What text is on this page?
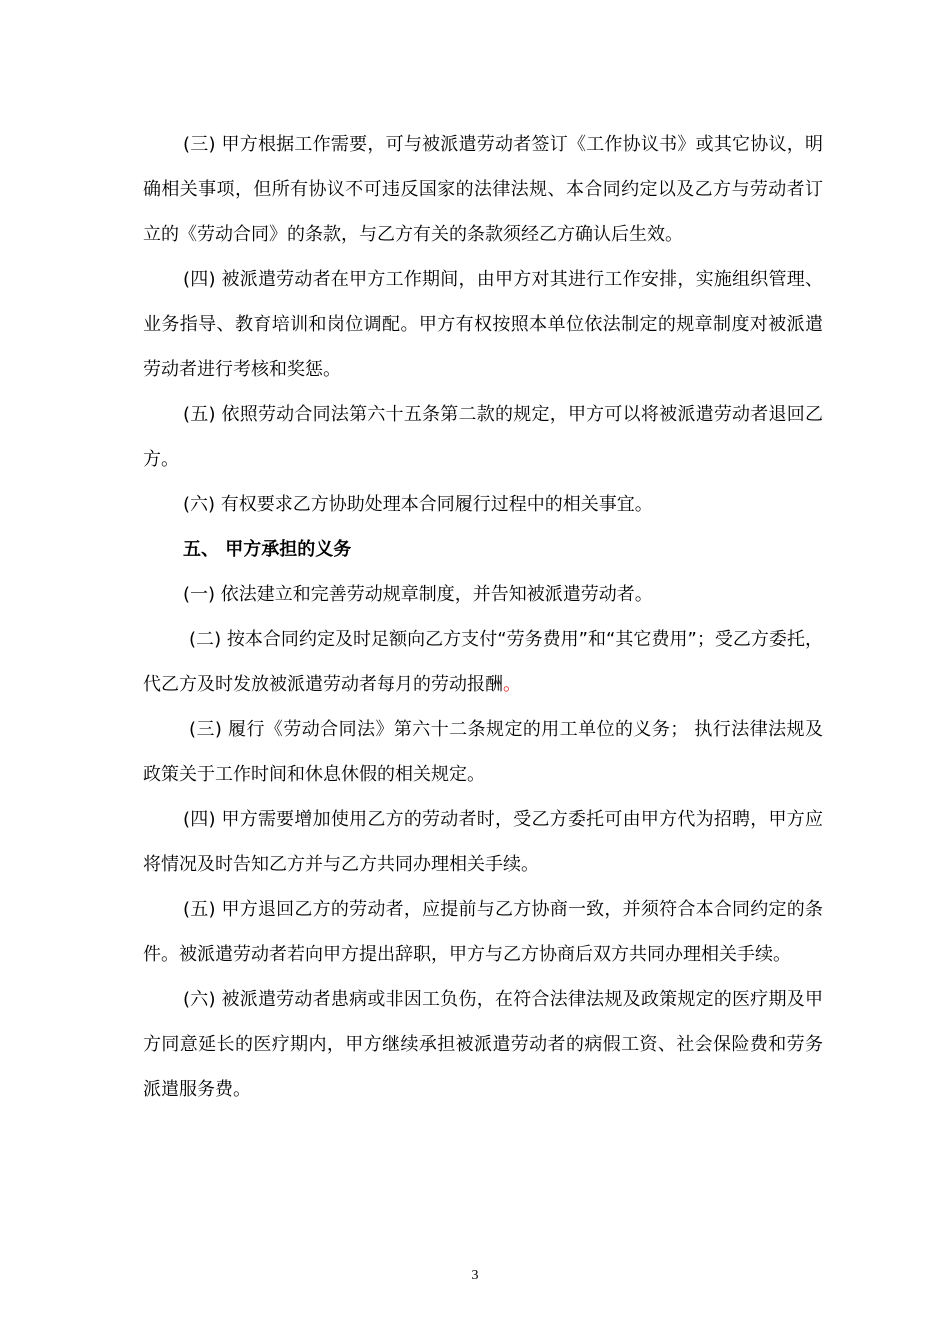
(三) 甲方根据工作需要，可与被派遣劳动者签订《工作协议书》或其它协议，明确相关事项，但所有协议不可违反国家的法律法规、本合同约定以及乙方与劳动者订立的《劳动合同》的条款，与乙方有关的条款须经乙方确认后生效。

(四) 被派遣劳动者在甲方工作期间，由甲方对其进行工作安排，实施组织管理、业务指导、教育培训和岗位调配。甲方有权按照本单位依法制定的规章制度对被派遣劳动者进行考核和奖惩。

(五) 依照劳动合同法第六十五条第二款的规定，甲方可以将被派遣劳动者退回乙方。

(六) 有权要求乙方协助处理本合同履行过程中的相关事宜。

五、 甲方承担的义务

(一) 依法建立和完善劳动规章制度，并告知被派遣劳动者。

(二) 按本合同约定及时足额向乙方支付“劳务费用”和“其它费用”；受乙方委托，代乙方及时发放被派遣劳动者每月的劳动报酬。

(三) 履行《劳动合同法》第六十二条规定的用工单位的义务； 执行法律法规及政策关于工作时间和休息休假的相关规定。

(四) 甲方需要增加使用乙方的劳动者时，受乙方委托可由甲方代为招聘，甲方应将情况及时告知乙方并与乙方共同办理相关手续。

(五) 甲方退回乙方的劳动者，应提前与乙方协商一致，并须符合本合同约定的条件。被派遣劳动者若向甲方提出辞职，甲方与乙方协商后双方共同办理相关手续。

(六) 被派遣劳动者患病或非因工负伤，在符合法律法规及政策规定的医疗期及甲方同意延长的医疗期内，甲方继续承担被派遣劳动者的病假工资、社会保险费和劳务派遣服务费。

3
